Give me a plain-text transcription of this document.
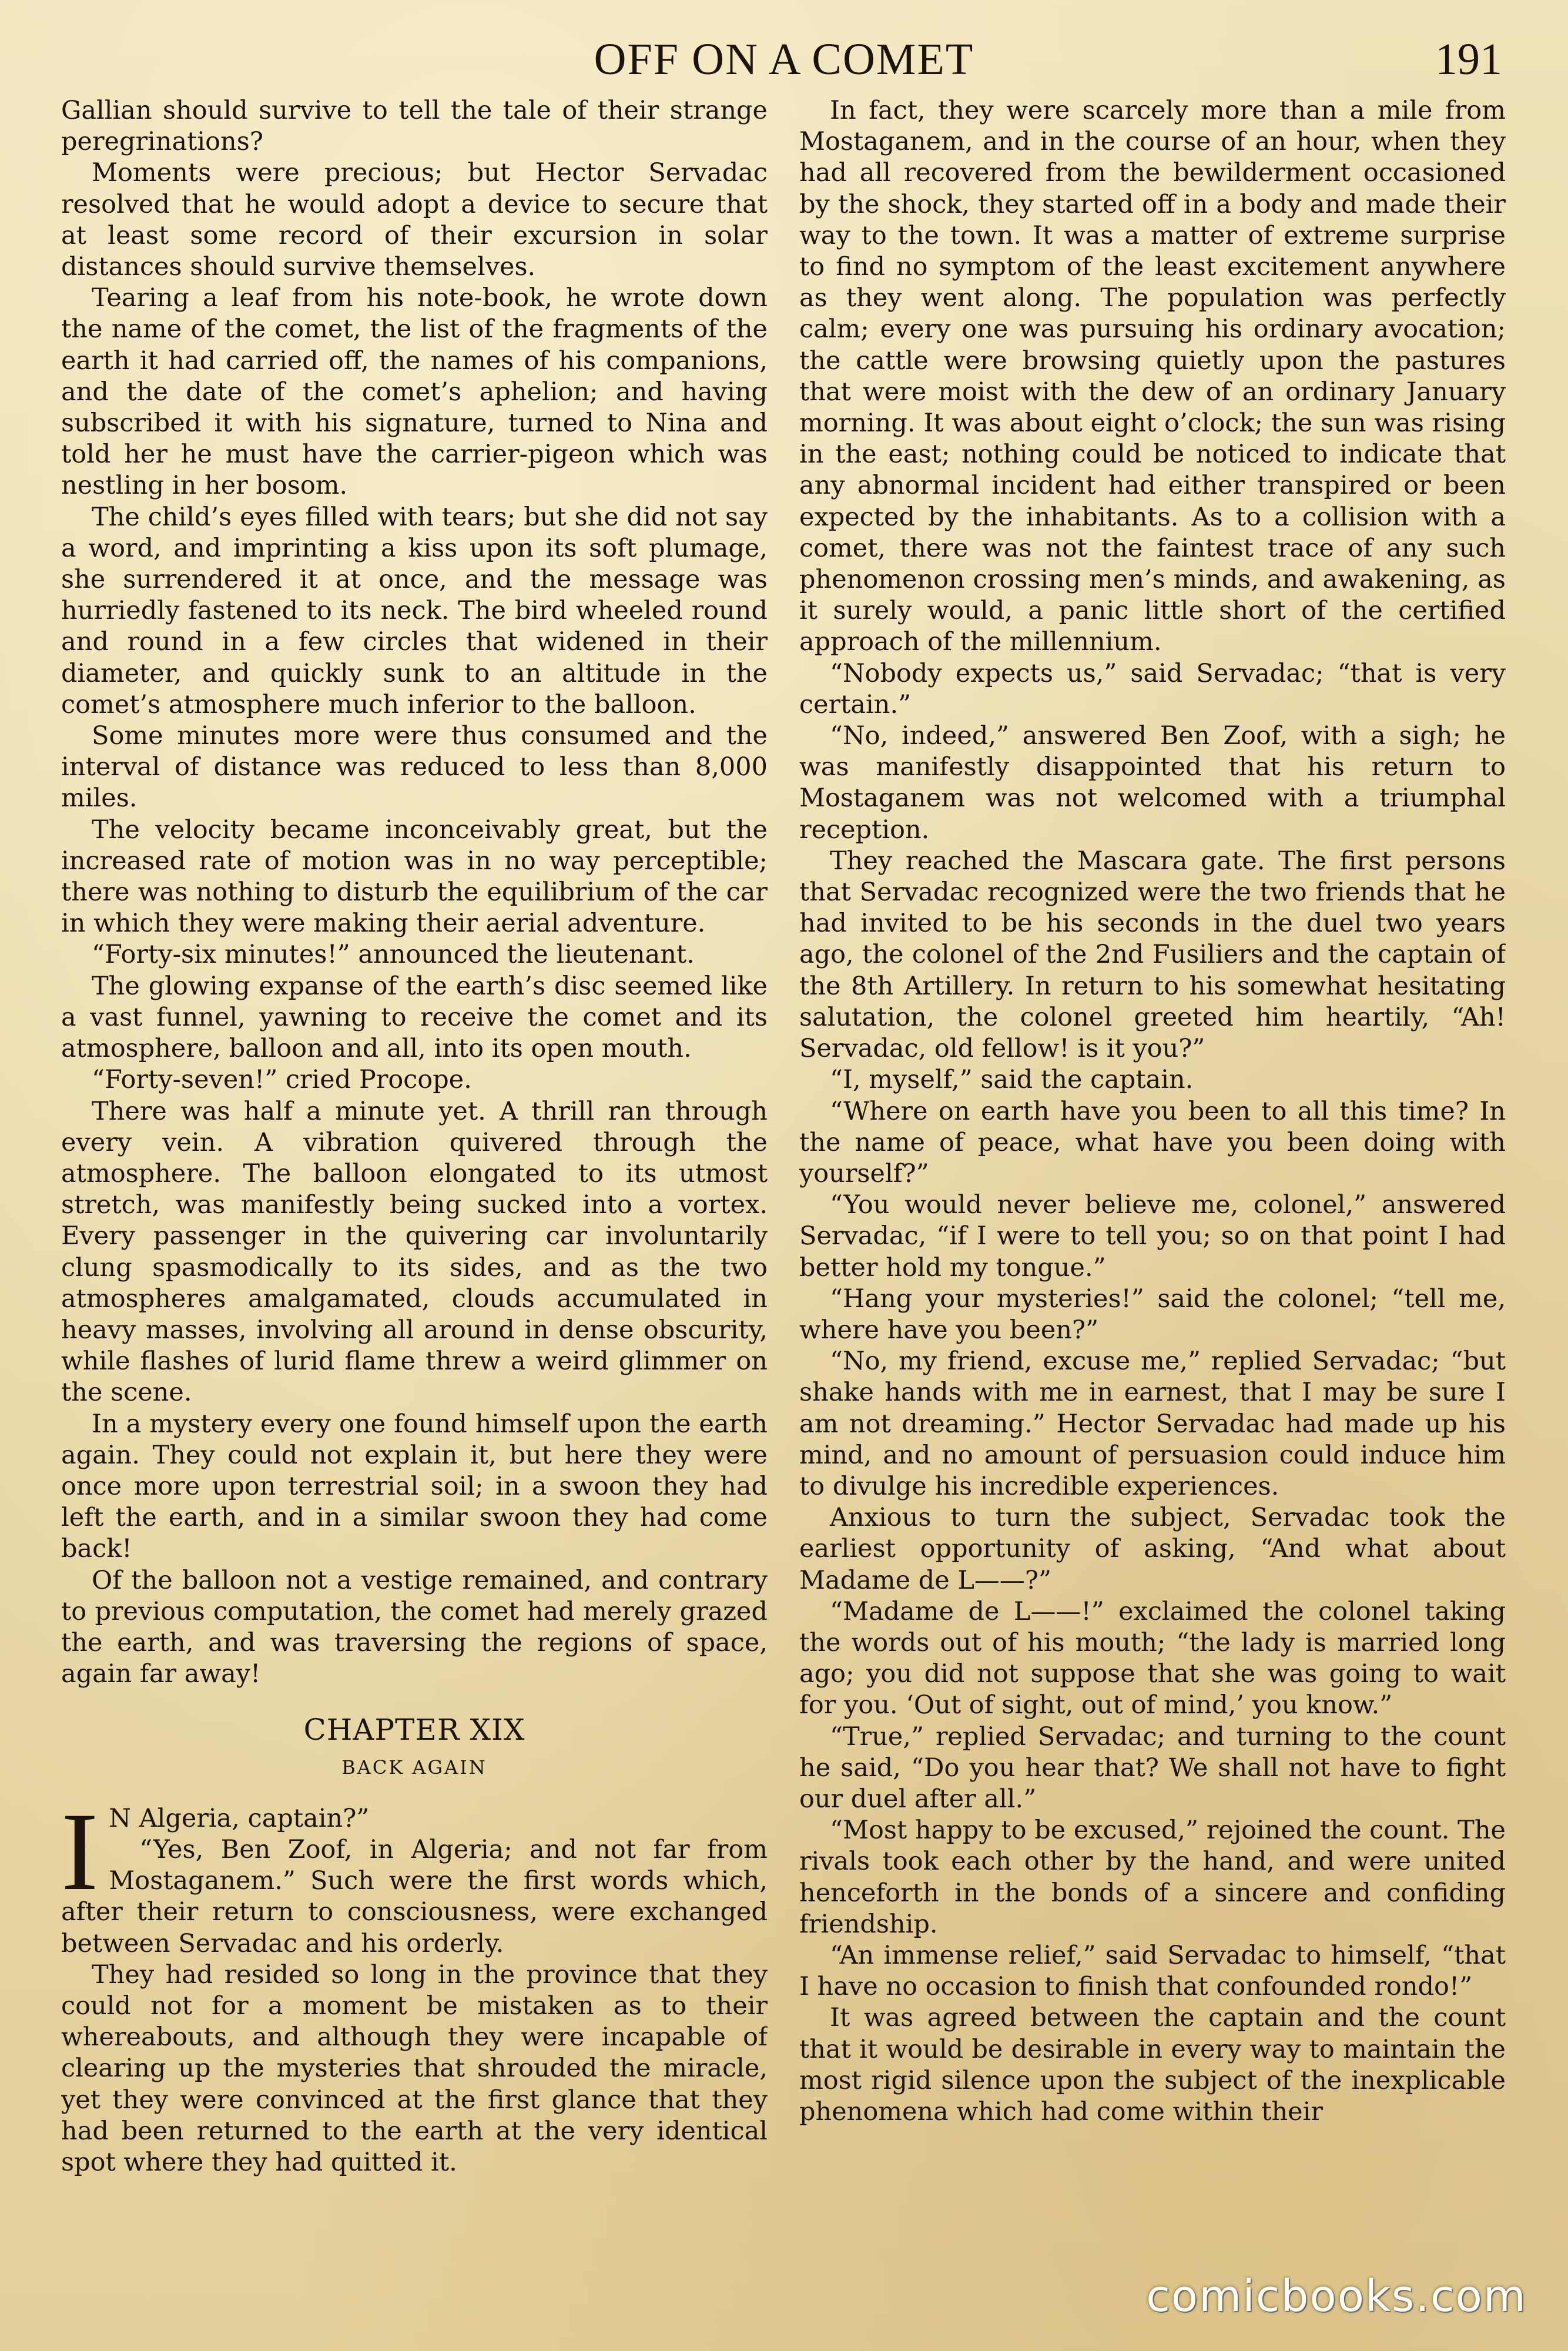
OFF ON A COMET	191

Gallian should survive to tell the tale of their strange peregrinations?

Moments were precious; but Hector Servadac resolved that he would adopt a device to secure that at least some record of their excursion in solar distances should survive themselves.

Tearing a leaf from his note-book, he wrote down the name of the comet, the list of the fragments of the earth it had carried off, the names of his companions, and the date of the comet’s aphelion; and having subscribed it with his signature, turned to Nina and told her he must have the carrier-pigeon which was nestling in her bosom.

The child’s eyes filled with tears; but she did not say a word, and imprinting a kiss upon its soft plumage, she surrendered it at once, and the message was hurriedly fastened to its neck. The bird wheeled round and round in a few circles that widened in their diameter, and quickly sunk to an altitude in the comet’s atmosphere much inferior to the balloon.

Some minutes more were thus consumed and the interval of distance was reduced to less than 8,000 miles.

The velocity became inconceivably great, but the increased rate of motion was in no way perceptible; there was nothing to disturb the equilibrium of the car in which they were making their aerial adventure.

“Forty-six minutes!” announced the lieutenant.

The glowing expanse of the earth’s disc seemed like a vast funnel, yawning to receive the comet and its atmosphere, balloon and all, into its open mouth.

“Forty-seven!” cried Procope.

There was half a minute yet. A thrill ran through every vein. A vibration quivered through the atmosphere. The balloon elongated to its utmost stretch, was manifestly being sucked into a vortex. Every passenger in the quivering car involuntarily clung spasmodically to its sides, and as the two atmospheres amalgamated, clouds accumulated in heavy masses, involving all around in dense obscurity, while flashes of lurid flame threw a weird glimmer on the scene.

In a mystery every one found himself upon the earth again. They could not explain it, but here they were once more upon terrestrial soil; in a swoon they had left the earth, and in a similar swoon they had come back!

Of the balloon not a vestige remained, and contrary to previous computation, the comet had merely grazed the earth, and was traversing the regions of space, again far away!

CHAPTER XIX
BACK AGAIN

I N Algeria, captain?”

“Yes, Ben Zoof, in Algeria; and not far from Mostaganem.” Such were the first words which, after their return to consciousness, were exchanged between Servadac and his orderly.

They had resided so long in the province that they could not for a moment be mistaken as to their whereabouts, and although they were incapable of clearing up the mysteries that shrouded the miracle, yet they were convinced at the first glance that they had been returned to the earth at the very identical spot where they had quitted it.

In fact, they were scarcely more than a mile from Mostaganem, and in the course of an hour, when they had all recovered from the bewilderment occasioned by the shock, they started off in a body and made their way to the town. It was a matter of extreme surprise to find no symptom of the least excitement anywhere as they went along. The population was perfectly calm; every one was pursuing his ordinary avocation; the cattle were browsing quietly upon the pastures that were moist with the dew of an ordinary January morning. It was about eight o’clock; the sun was rising in the east; nothing could be noticed to indicate that any abnormal incident had either transpired or been expected by the inhabitants. As to a collision with a comet, there was not the faintest trace of any such phenomenon crossing men’s minds, and awakening, as it surely would, a panic little short of the certified approach of the millennium.

“Nobody expects us,” said Servadac; “that is very certain.”

“No, indeed,” answered Ben Zoof, with a sigh; he was manifestly disappointed that his return to Mostaganem was not welcomed with a triumphal reception.

They reached the Mascara gate. The first persons that Servadac recognized were the two friends that he had invited to be his seconds in the duel two years ago, the colonel of the 2nd Fusiliers and the captain of the 8th Artillery. In return to his somewhat hesitating salutation, the colonel greeted him heartily, “Ah! Servadac, old fellow! is it you?”

“I, myself,” said the captain.

“Where on earth have you been to all this time? In the name of peace, what have you been doing with yourself?”

“You would never believe me, colonel,” answered Servadac, “if I were to tell you; so on that point I had better hold my tongue.”

“Hang your mysteries!” said the colonel; “tell me, where have you been?”

“No, my friend, excuse me,” replied Servadac; “but shake hands with me in earnest, that I may be sure I am not dreaming.” Hector Servadac had made up his mind, and no amount of persuasion could induce him to divulge his incredible experiences.

Anxious to turn the subject, Servadac took the earliest opportunity of asking, “And what about Madame de L——?”

“Madame de L——!” exclaimed the colonel taking the words out of his mouth; “the lady is married long ago; you did not suppose that she was going to wait for you. ‘Out of sight, out of mind,’ you know.”

“True,” replied Servadac; and turning to the count he said, “Do you hear that? We shall not have to fight our duel after all.”

“Most happy to be excused,” rejoined the count. The rivals took each other by the hand, and were united henceforth in the bonds of a sincere and confiding friendship.

“An immense relief,” said Servadac to himself, “that I have no occasion to finish that confounded rondo!”

It was agreed between the captain and the count that it would be desirable in every way to maintain the most rigid silence upon the subject of the inexplicable phenomena which had come within their

comicbooks.com
